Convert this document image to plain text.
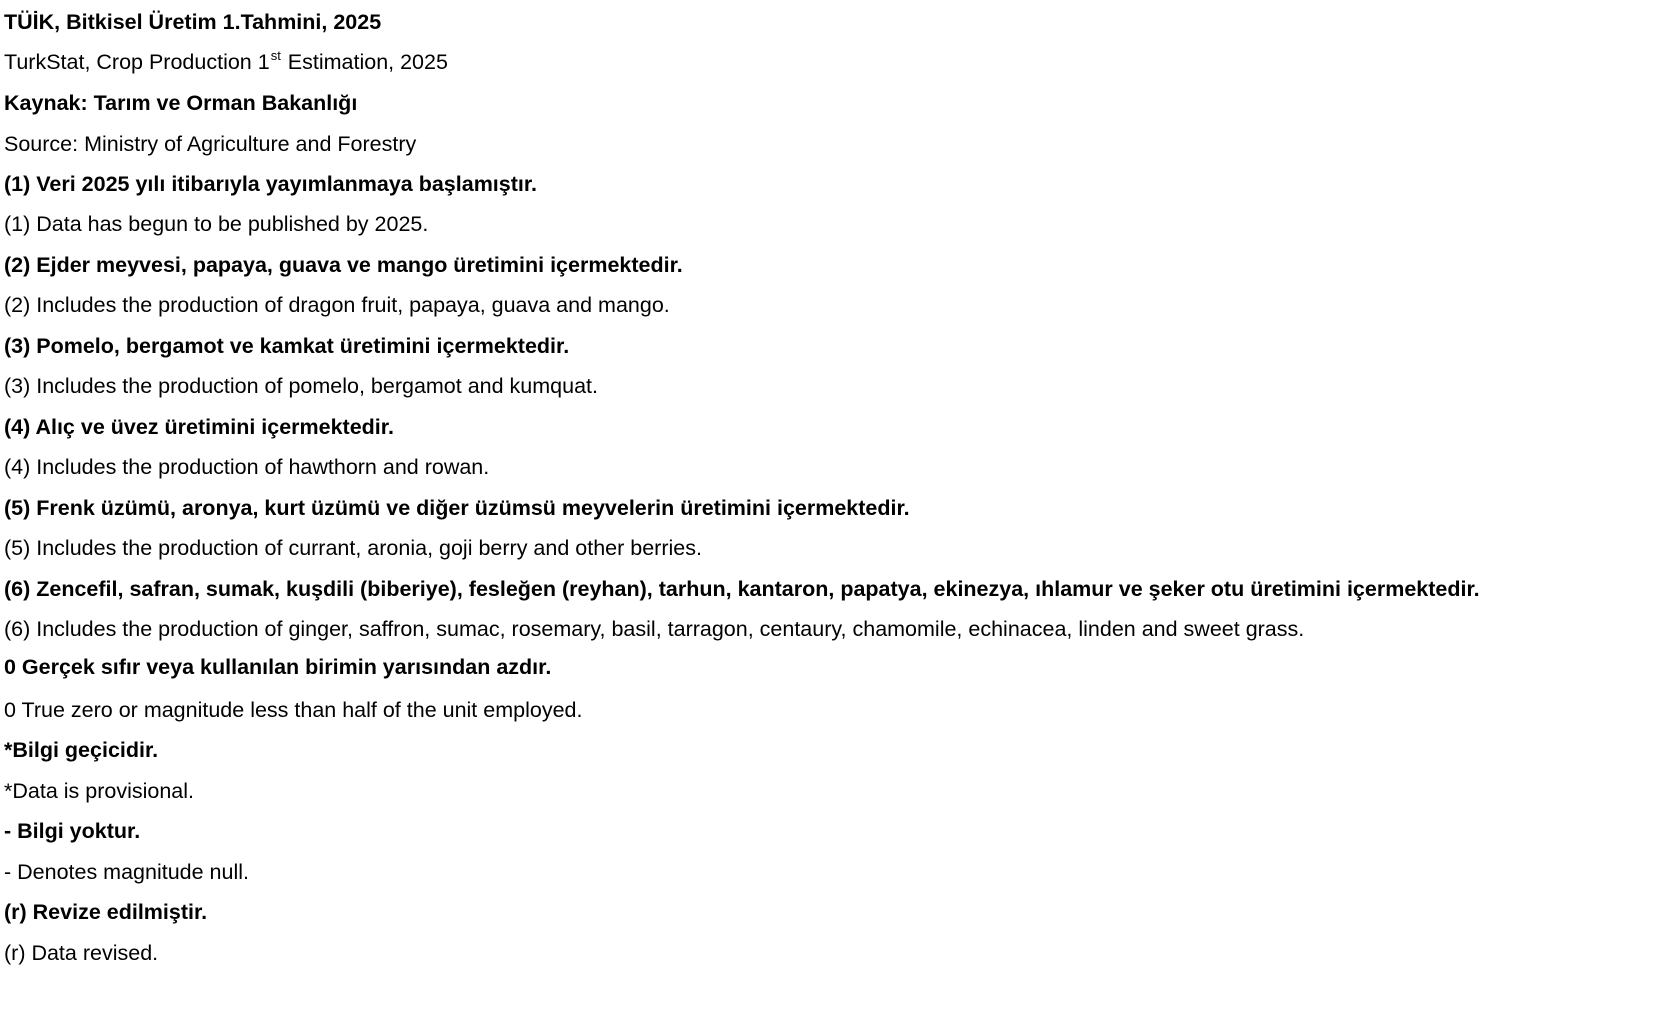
TÜİK, Bitkisel Üretim 1.Tahmini, 2025
TurkStat, Crop Production 1st Estimation, 2025
Kaynak: Tarım ve Orman Bakanlığı
Source: Ministry of Agriculture and Forestry
(1) Veri 2025 yılı itibarıyla yayımlanmaya başlamıştır.
(1) Data has begun to be published by 2025.
(2) Ejder meyvesi, papaya, guava ve mango üretimini içermektedir.
(2) Includes the production of dragon fruit, papaya, guava and mango.
(3) Pomelo, bergamot ve kamkat üretimini içermektedir.
(3) Includes the production of pomelo, bergamot and kumquat.
(4) Alıç ve üvez üretimini içermektedir.
(4) Includes the production of hawthorn and rowan.
(5) Frenk üzümü, aronya, kurt üzümü ve diğer üzümsü meyvelerin üretimini içermektedir.
(5) Includes the production of currant, aronia, goji berry and other berries.
(6) Zencefil, safran, sumak, kuşdili (biberiye), fesleğen (reyhan), tarhun, kantaron, papatya, ekinezya, ıhlamur ve şeker otu üretimini içermektedir.
(6) Includes the production of ginger, saffron, sumac, rosemary, basil, tarragon, centaury, chamomile, echinacea, linden and sweet grass.
0 Gerçek sıfır veya kullanılan birimin yarısından azdır.
0 True zero or magnitude less than half of the unit employed.
*Bilgi geçicidir.
*Data is provisional.
- Bilgi yoktur.
- Denotes magnitude null.
(r) Revize edilmiştir.
(r) Data revised.
